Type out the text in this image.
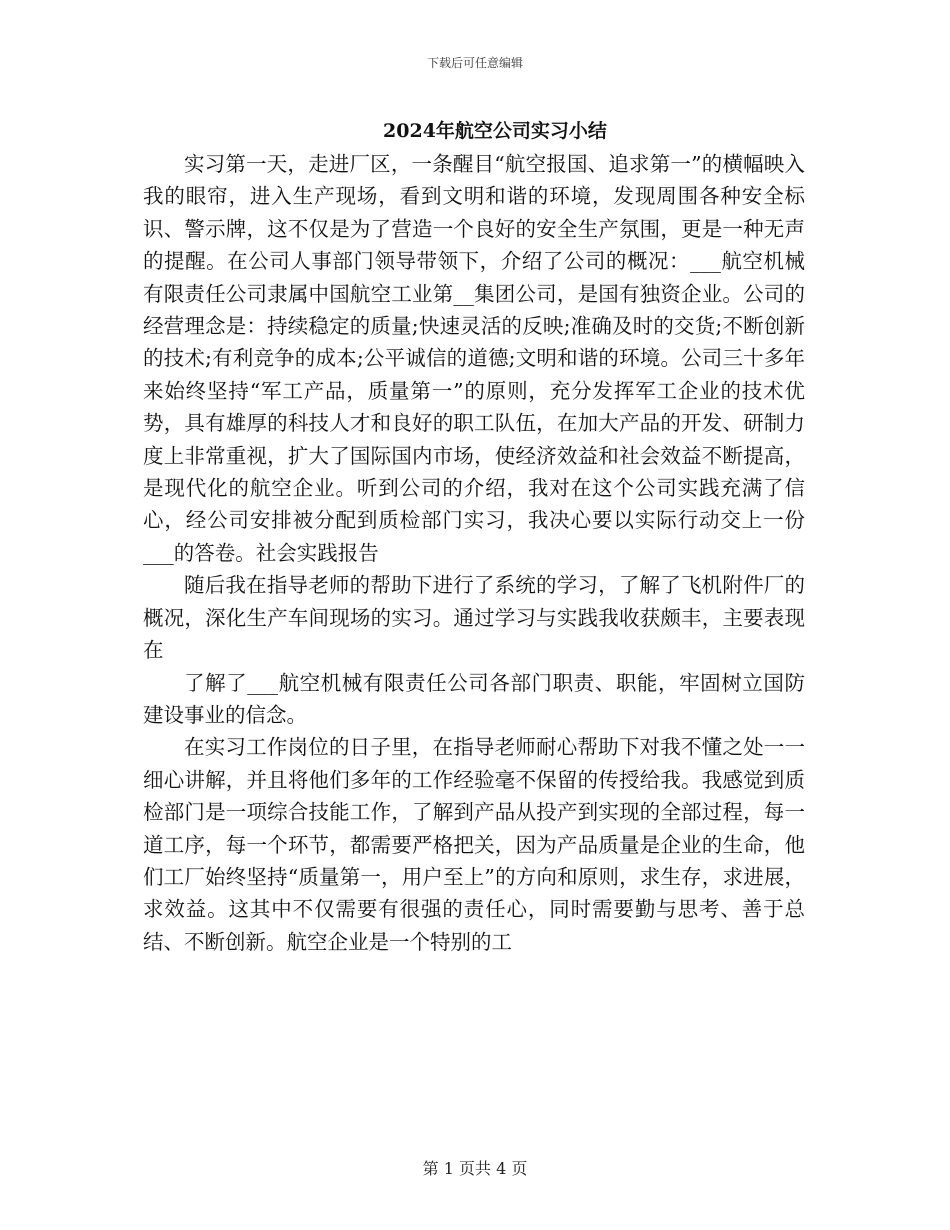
下载后可任意编辑
2024年航空公司实习小结

实习第一天，走进厂区，一条醒目“航空报国、追求第一”的横幅映入我的眼帘，进入生产现场，看到文明和谐的环境，发现周围各种安全标识、警示牌，这不仅是为了营造一个良好的安全生产氛围，更是一种无声的提醒。在公司人事部门领导带领下，介绍了公司的概况：___航空机械有限责任公司隶属中国航空工业第__集团公司，是国有独资企业。公司的经营理念是：持续稳定的质量;快速灵活的反映;准确及时的交货;不断创新的技术;有利竞争的成本;公平诚信的道德;文明和谐的环境。公司三十多年来始终坚持“军工产品，质量第一”的原则，充分发挥军工企业的技术优势，具有雄厚的科技人才和良好的职工队伍，在加大产品的开发、研制力度上非常重视，扩大了国际国内市场，使经济效益和社会效益不断提高，是现代化的航空企业。听到公司的介绍，我对在这个公司实践充满了信心，经公司安排被分配到质检部门实习，我决心要以实际行动交上一份___的答卷。社会实践报告

随后我在指导老师的帮助下进行了系统的学习，了解了飞机附件厂的概况，深化生产车间现场的实习。通过学习与实践我收获颇丰，主要表现在

了解了___航空机械有限责任公司各部门职责、职能，牢固树立国防建设事业的信念。

在实习工作岗位的日子里，在指导老师耐心帮助下对我不懂之处一一细心讲解，并且将他们多年的工作经验毫不保留的传授给我。我感觉到质检部门是一项综合技能工作，了解到产品从投产到实现的全部过程，每一道工序，每一个环节，都需要严格把关，因为产品质量是企业的生命，他们工厂始终坚持“质量第一，用户至上”的方向和原则，求生存，求进展，求效益。这其中不仅需要有很强的责任心，同时需要勤与思考、善于总结、不断创新。航空企业是一个特别的工

第 1 页共 4 页
